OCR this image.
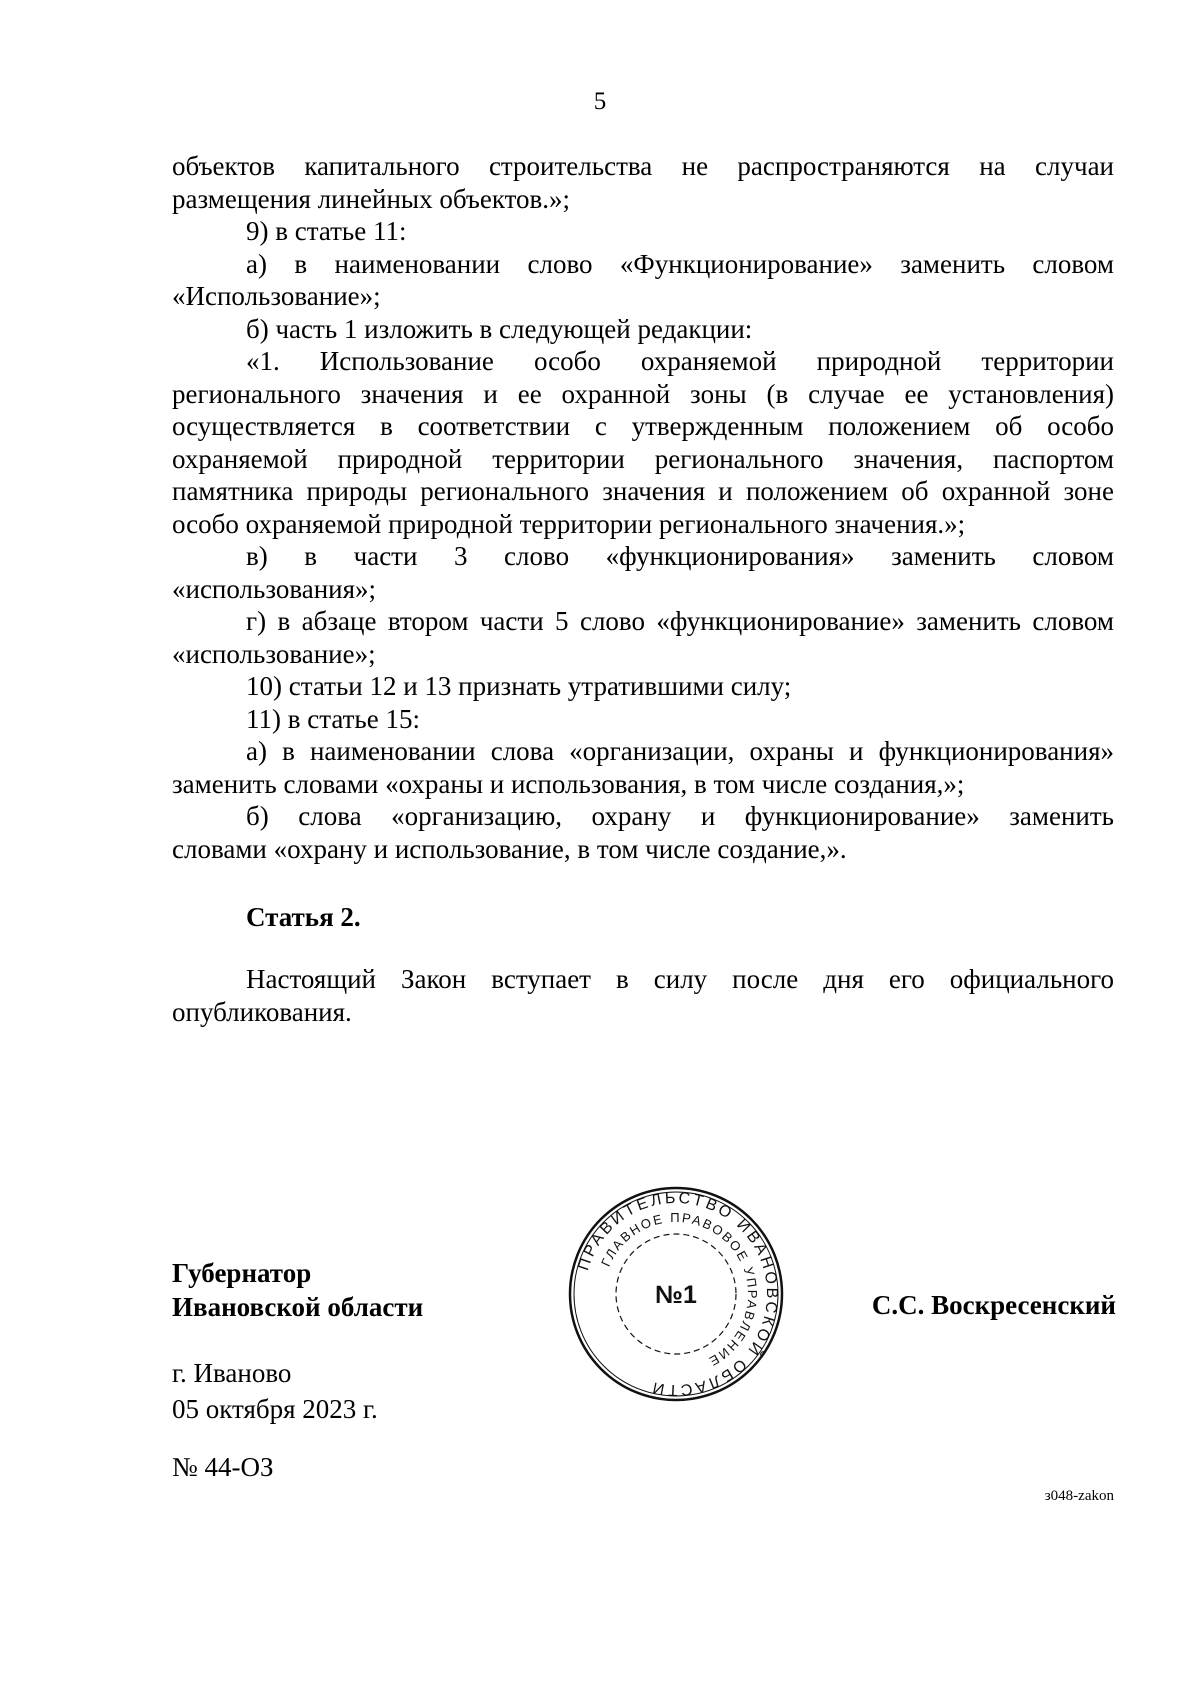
5

объектов капитального строительства не распространяются на случаи

размещения линейных объектов.»;

9) в статье 11:

а) в наименовании слово «Функционирование» заменить словом

«Использование»;

б) часть 1 изложить в следующей редакции:

«1. Использование особо охраняемой природной территории

регионального значения и ее охранной зоны (в случае ее установления)

осуществляется в соответствии с утвержденным положением об особо

охраняемой природной территории регионального значения, паспортом

памятника природы регионального значения и положением об охранной зоне

особо охраняемой природной территории регионального значения.»;

в) в части 3 слово «функционирования» заменить словом

«использования»;

г) в абзаце втором части 5 слово «функционирование» заменить словом

«использование»;

10) статьи 12 и 13 признать утратившими силу;

11) в статье 15:

а) в наименовании слова «организации, охраны и функционирования»

заменить словами «охраны и использования, в том числе создания,»;

б) слова «организацию, охрану и функционирование» заменить

словами «охрану и использование, в том числе создание,».

Статья 2.

Настоящий Закон вступает в силу после дня его официального

опубликования.

ПРАВИТЕЛЬСТВО ИВАНОВСКОЙ ОБЛАСТИ
ГЛАВНОЕ ПРАВОВОЕ УПРАВЛЕНИЕ
№1
Губернатор
Ивановской области	С.С. Воскресенский
г. Иваново
05 октября 2023 г.
№ 44-ОЗ
з048-zakon
